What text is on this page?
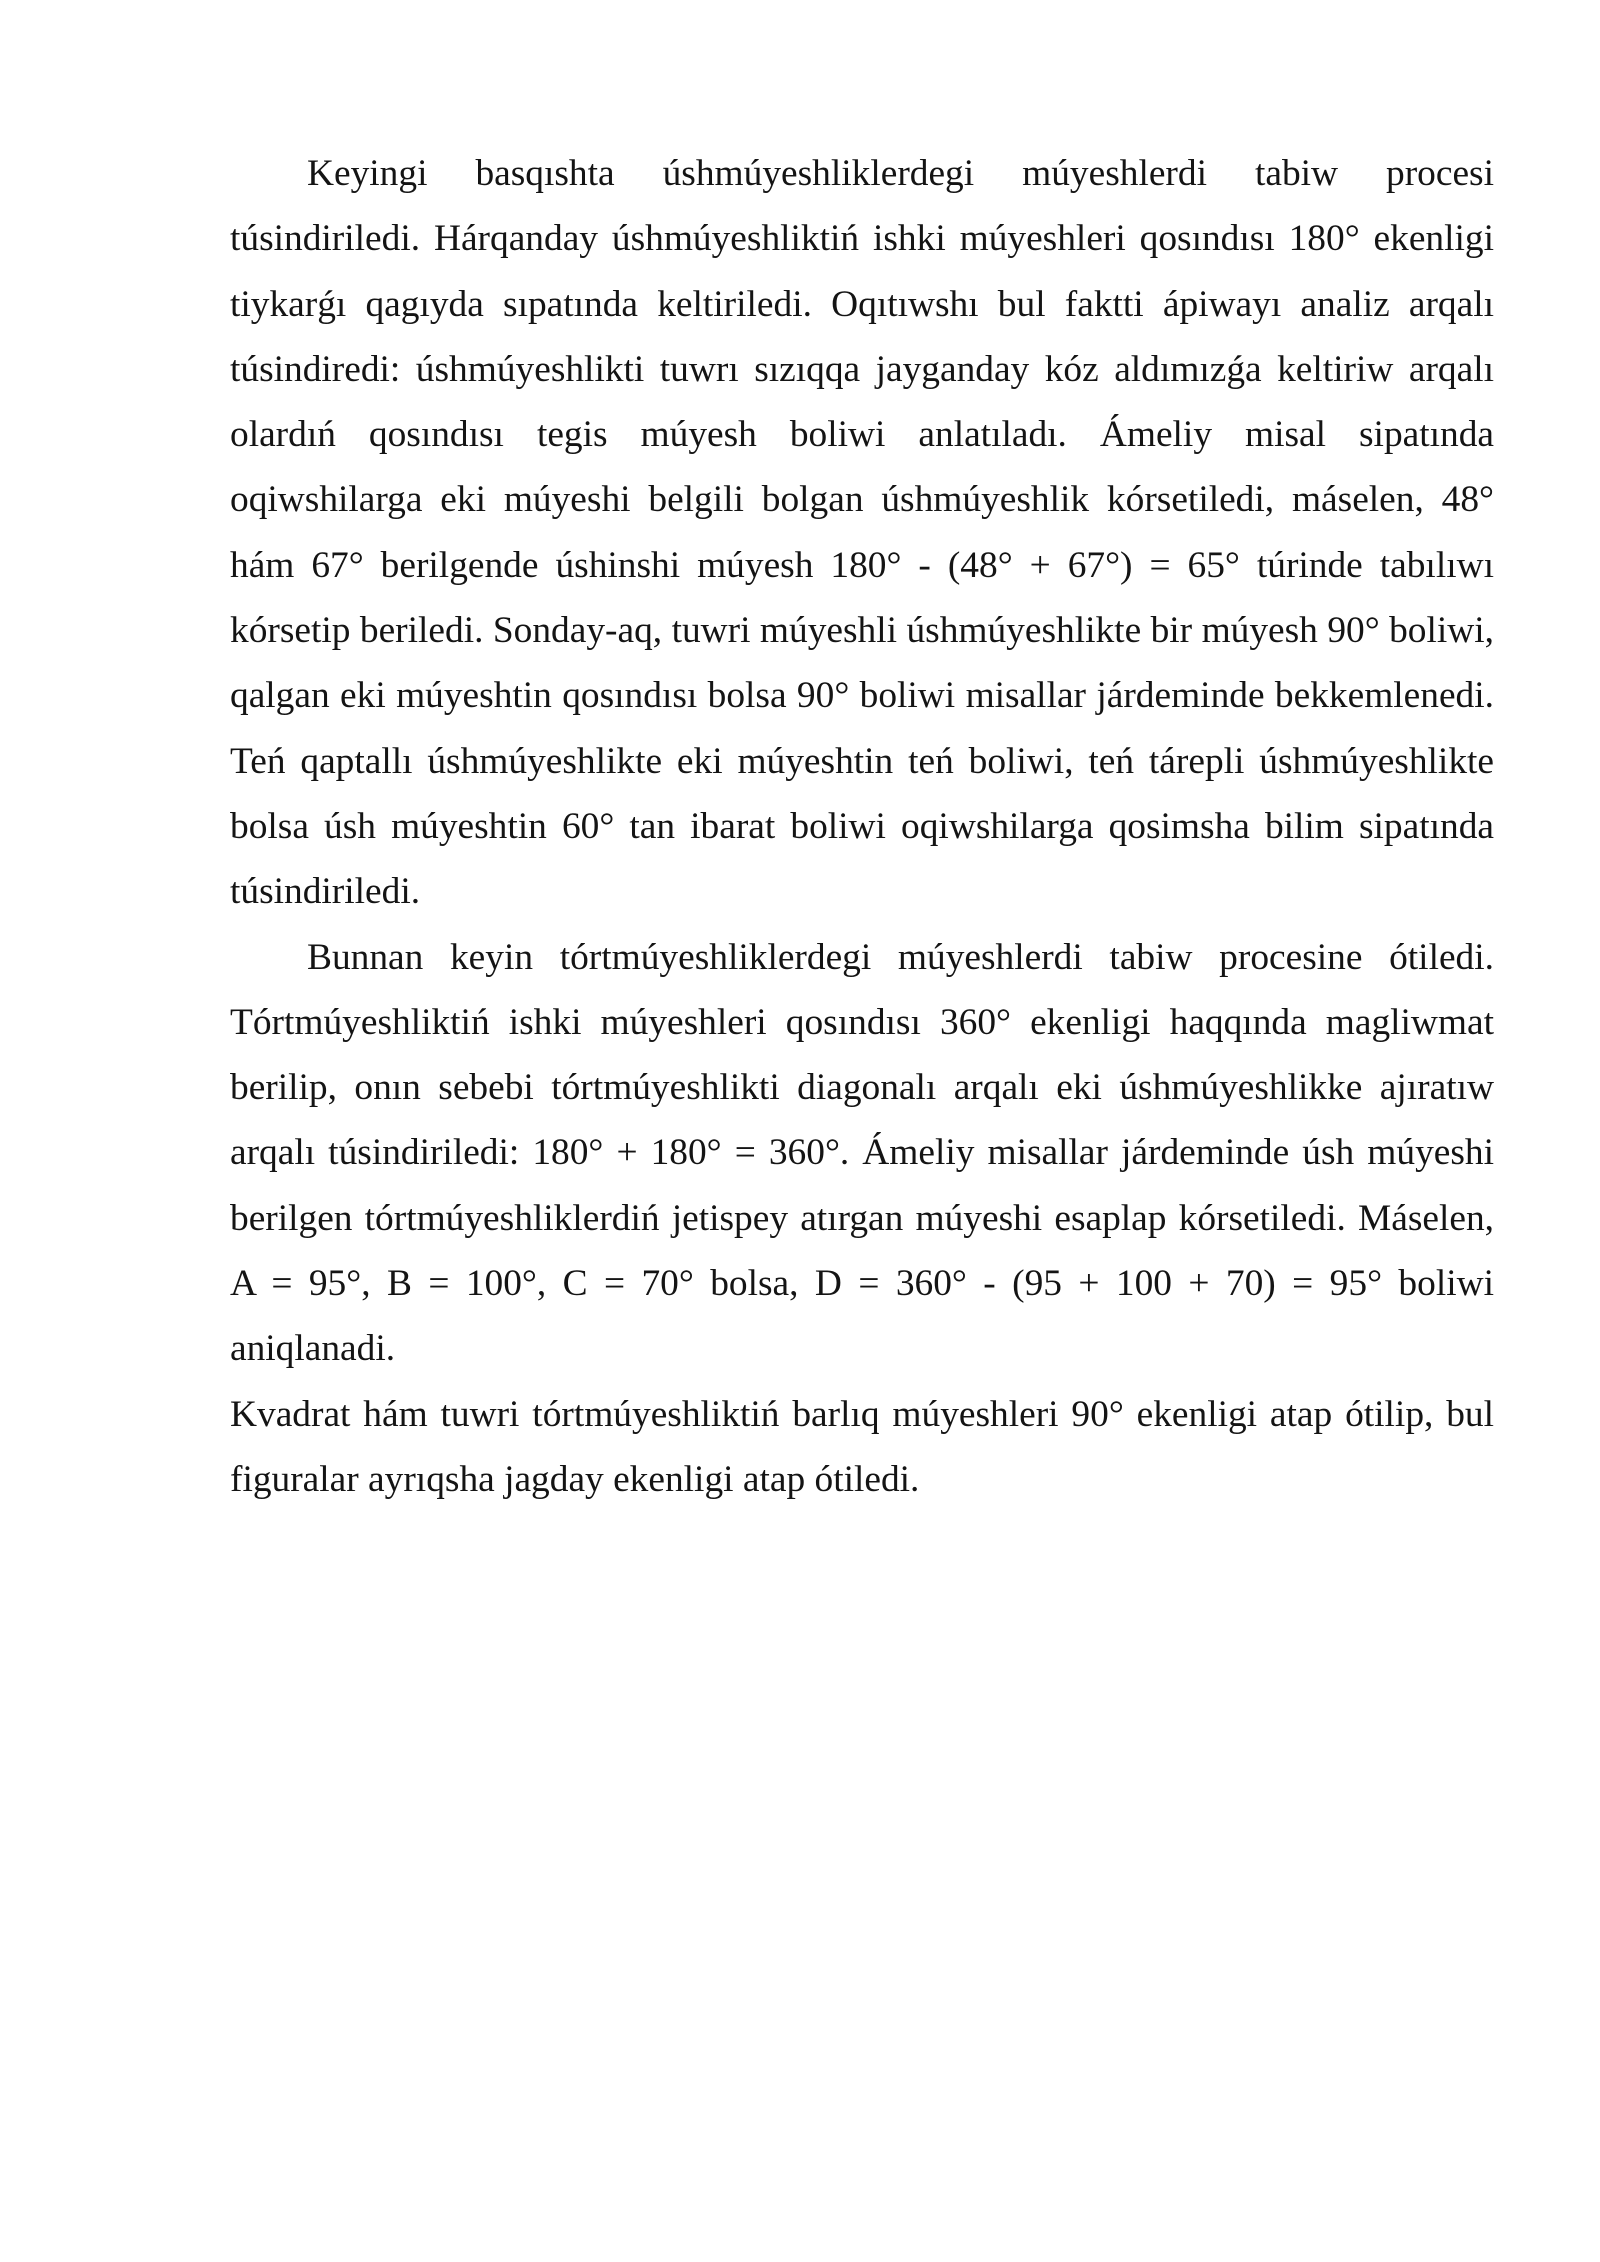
Keyingi basqıshta úshmúyeshliklerdegi múyeshlerdi tabiw procesi
túsindiriledi. Hárqanday úshmúyeshliktiń ishki múyeshleri qosındısı 180° ekenligi
tiykarǵı qagıyda sıpatında keltiriledi. Oqıtıwshı bul faktti ápiwayı analiz arqalı
túsindiredi: úshmúyeshlikti tuwrı sızıqqa jayganday kóz aldımızǵa keltiriw arqalı
olardıń qosındısı tegis múyesh boliwi anlatıladı. Ámeliy misal sipatında
oqiwshilarga eki múyeshi belgili bolgan úshmúyeshlik kórsetiledi, máselen, 48°
hám 67° berilgende úshinshi múyesh 180° - (48° + 67°) = 65° túrinde tabılıwı
kórsetip beriledi. Sonday-aq, tuwri múyeshli úshmúyeshlikte bir múyesh 90° boliwi,
qalgan eki múyeshtin qosındısı bolsa 90° boliwi misallar járdeminde bekkemlenedi.
Teń qaptallı úshmúyeshlikte eki múyeshtin teń boliwi, teń tárepli úshmúyeshlikte
bolsa úsh múyeshtin 60° tan ibarat boliwi oqiwshilarga qosimsha bilim sipatında
túsindiriledi.
Bunnan keyin tórtmúyeshliklerdegi múyeshlerdi tabiw procesine ótiledi.
Tórtmúyeshliktiń ishki múyeshleri qosındısı 360° ekenligi haqqında magliwmat
berilip, onın sebebi tórtmúyeshlikti diagonalı arqalı eki úshmúyeshlikke ajıratıw
arqalı túsindiriledi: 180° + 180° = 360°. Ámeliy misallar járdeminde úsh múyeshi
berilgen tórtmúyeshliklerdiń jetispey atırgan múyeshi esaplap kórsetiledi. Máselen,
A = 95°, B = 100°, C = 70° bolsa, D = 360° - (95 + 100 + 70) = 95° boliwi aniqlanadi.
Kvadrat hám tuwri tórtmúyeshliktiń barlıq múyeshleri 90° ekenligi atap ótilip, bul
figuralar ayrıqsha jagday ekenligi atap ótiledi.
